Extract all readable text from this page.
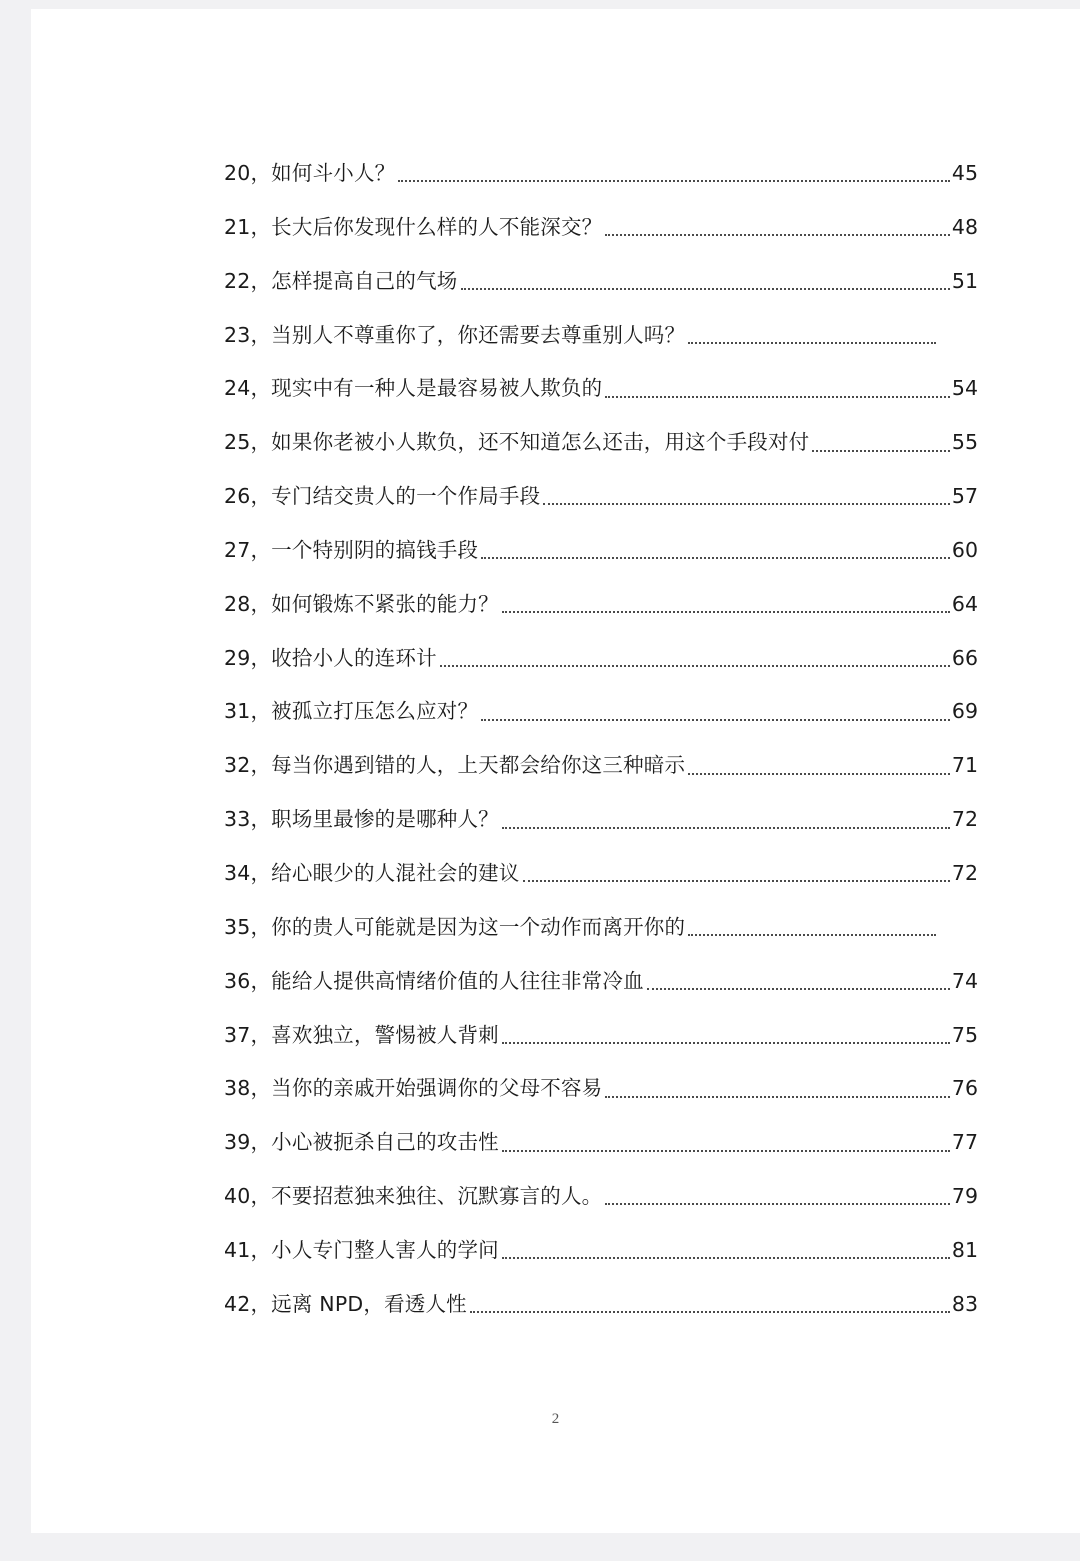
20，如何斗小人？	45
21，长大后你发现什么样的人不能深交？	48
22，怎样提高自己的气场	51
23，当别人不尊重你了，你还需要去尊重别人吗？
24，现实中有一种人是最容易被人欺负的	54
25，如果你老被小人欺负，还不知道怎么还击，用这个手段对付	55
26，专门结交贵人的一个作局手段	57
27，一个特别阴的搞钱手段	60
28，如何锻炼不紧张的能力？	64
29，收拾小人的连环计	66
31，被孤立打压怎么应对？	69
32，每当你遇到错的人，上天都会给你这三种暗示	71
33，职场里最惨的是哪种人？	72
34，给心眼少的人混社会的建议	72
35，你的贵人可能就是因为这一个动作而离开你的
36，能给人提供高情绪价值的人往往非常冷血	74
37，喜欢独立，警惕被人背刺	75
38，当你的亲戚开始强调你的父母不容易	76
39，小心被扼杀自己的攻击性	77
40，不要招惹独来独往、沉默寡言的人。	79
41，小人专门整人害人的学问	81
42，远离 NPD，看透人性	83
2
